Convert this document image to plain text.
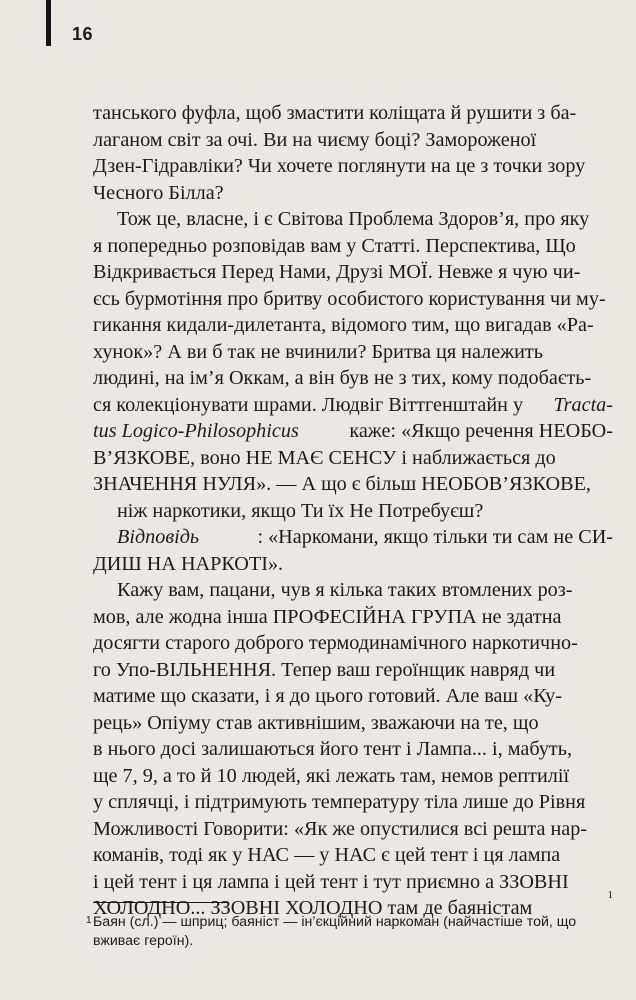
16
танського фуфла, щоб змастити коліщата й рушити з ба-
лаганом світ за очі. Ви на чиєму боці? Замороженої
Дзен-Гідравліки? Чи хочете поглянути на це з точки зору
Чесного Білла?
Тож це, власне, і є Світова Проблема Здоров’я, про яку
я попередньо розповідав вам у Статті. Перспектива, Що
Відкривається Перед Нами, Друзі МОЇ. Невже я чую чи-
єсь бурмотіння про бритву особистого користування чи му-
гикання кидали-дилетанта, відомого тим, що вигадав «Ра-
хунок»? А ви б так не вчинили? Бритва ця належить
людині, на ім’я Оккам, а він був не з тих, кому подобаєть-
ся колекціонувати шрами. Людвіг Віттгенштайн у Tracta-
tus Logico-Philosophicus	каже: «Якщо речення НЕОБО-
В’ЯЗКОВЕ, воно НЕ МАЄ СЕНСУ і наближається до
ЗНАЧЕННЯ НУЛЯ». — А що є більш НЕОБОВ’ЯЗКОВЕ,
ніж наркотики, якщо Ти їх Не Потребуєш?
Відповідь	: «Наркомани, якщо тільки ти сам не СИ-
ДИШ НА НАРКОТІ».
Кажу вам, пацани, чув я кілька таких втомлених роз-
мов, але жодна інша ПРОФЕСІЙНА ГРУПА не здатна
досягти старого доброго термодинамічного наркотично-
го Упо-ВІЛЬНЕННЯ. Тепер ваш героїнщик навряд чи
матиме що сказати, і я до цього готовий. Але ваш «Ку-
рець» Опіуму став активнішим, зважаючи на те, що
в нього досі залишаються його тент і Лампа... і, мабуть,
ще 7, 9, а то й 10 людей, які лежать там, немов рептилії
у сплячці, і підтримують температуру тіла лише до Рівня
Можливості Говорити: «Як же опустилися всі решта нар-
команів, тоді як у НАС — у НАС є цей тент і ця лампа
і цей тент і ця лампа і цей тент і тут приємно а ЗЗОВНІ
ХОЛОДНО... ЗЗОВНІ ХОЛОДНО там де баяністам
1
1 Баян (сл.) — шприц; баяніст — ін’єкційний наркоман (найчастіше той, що вживає героїн).
